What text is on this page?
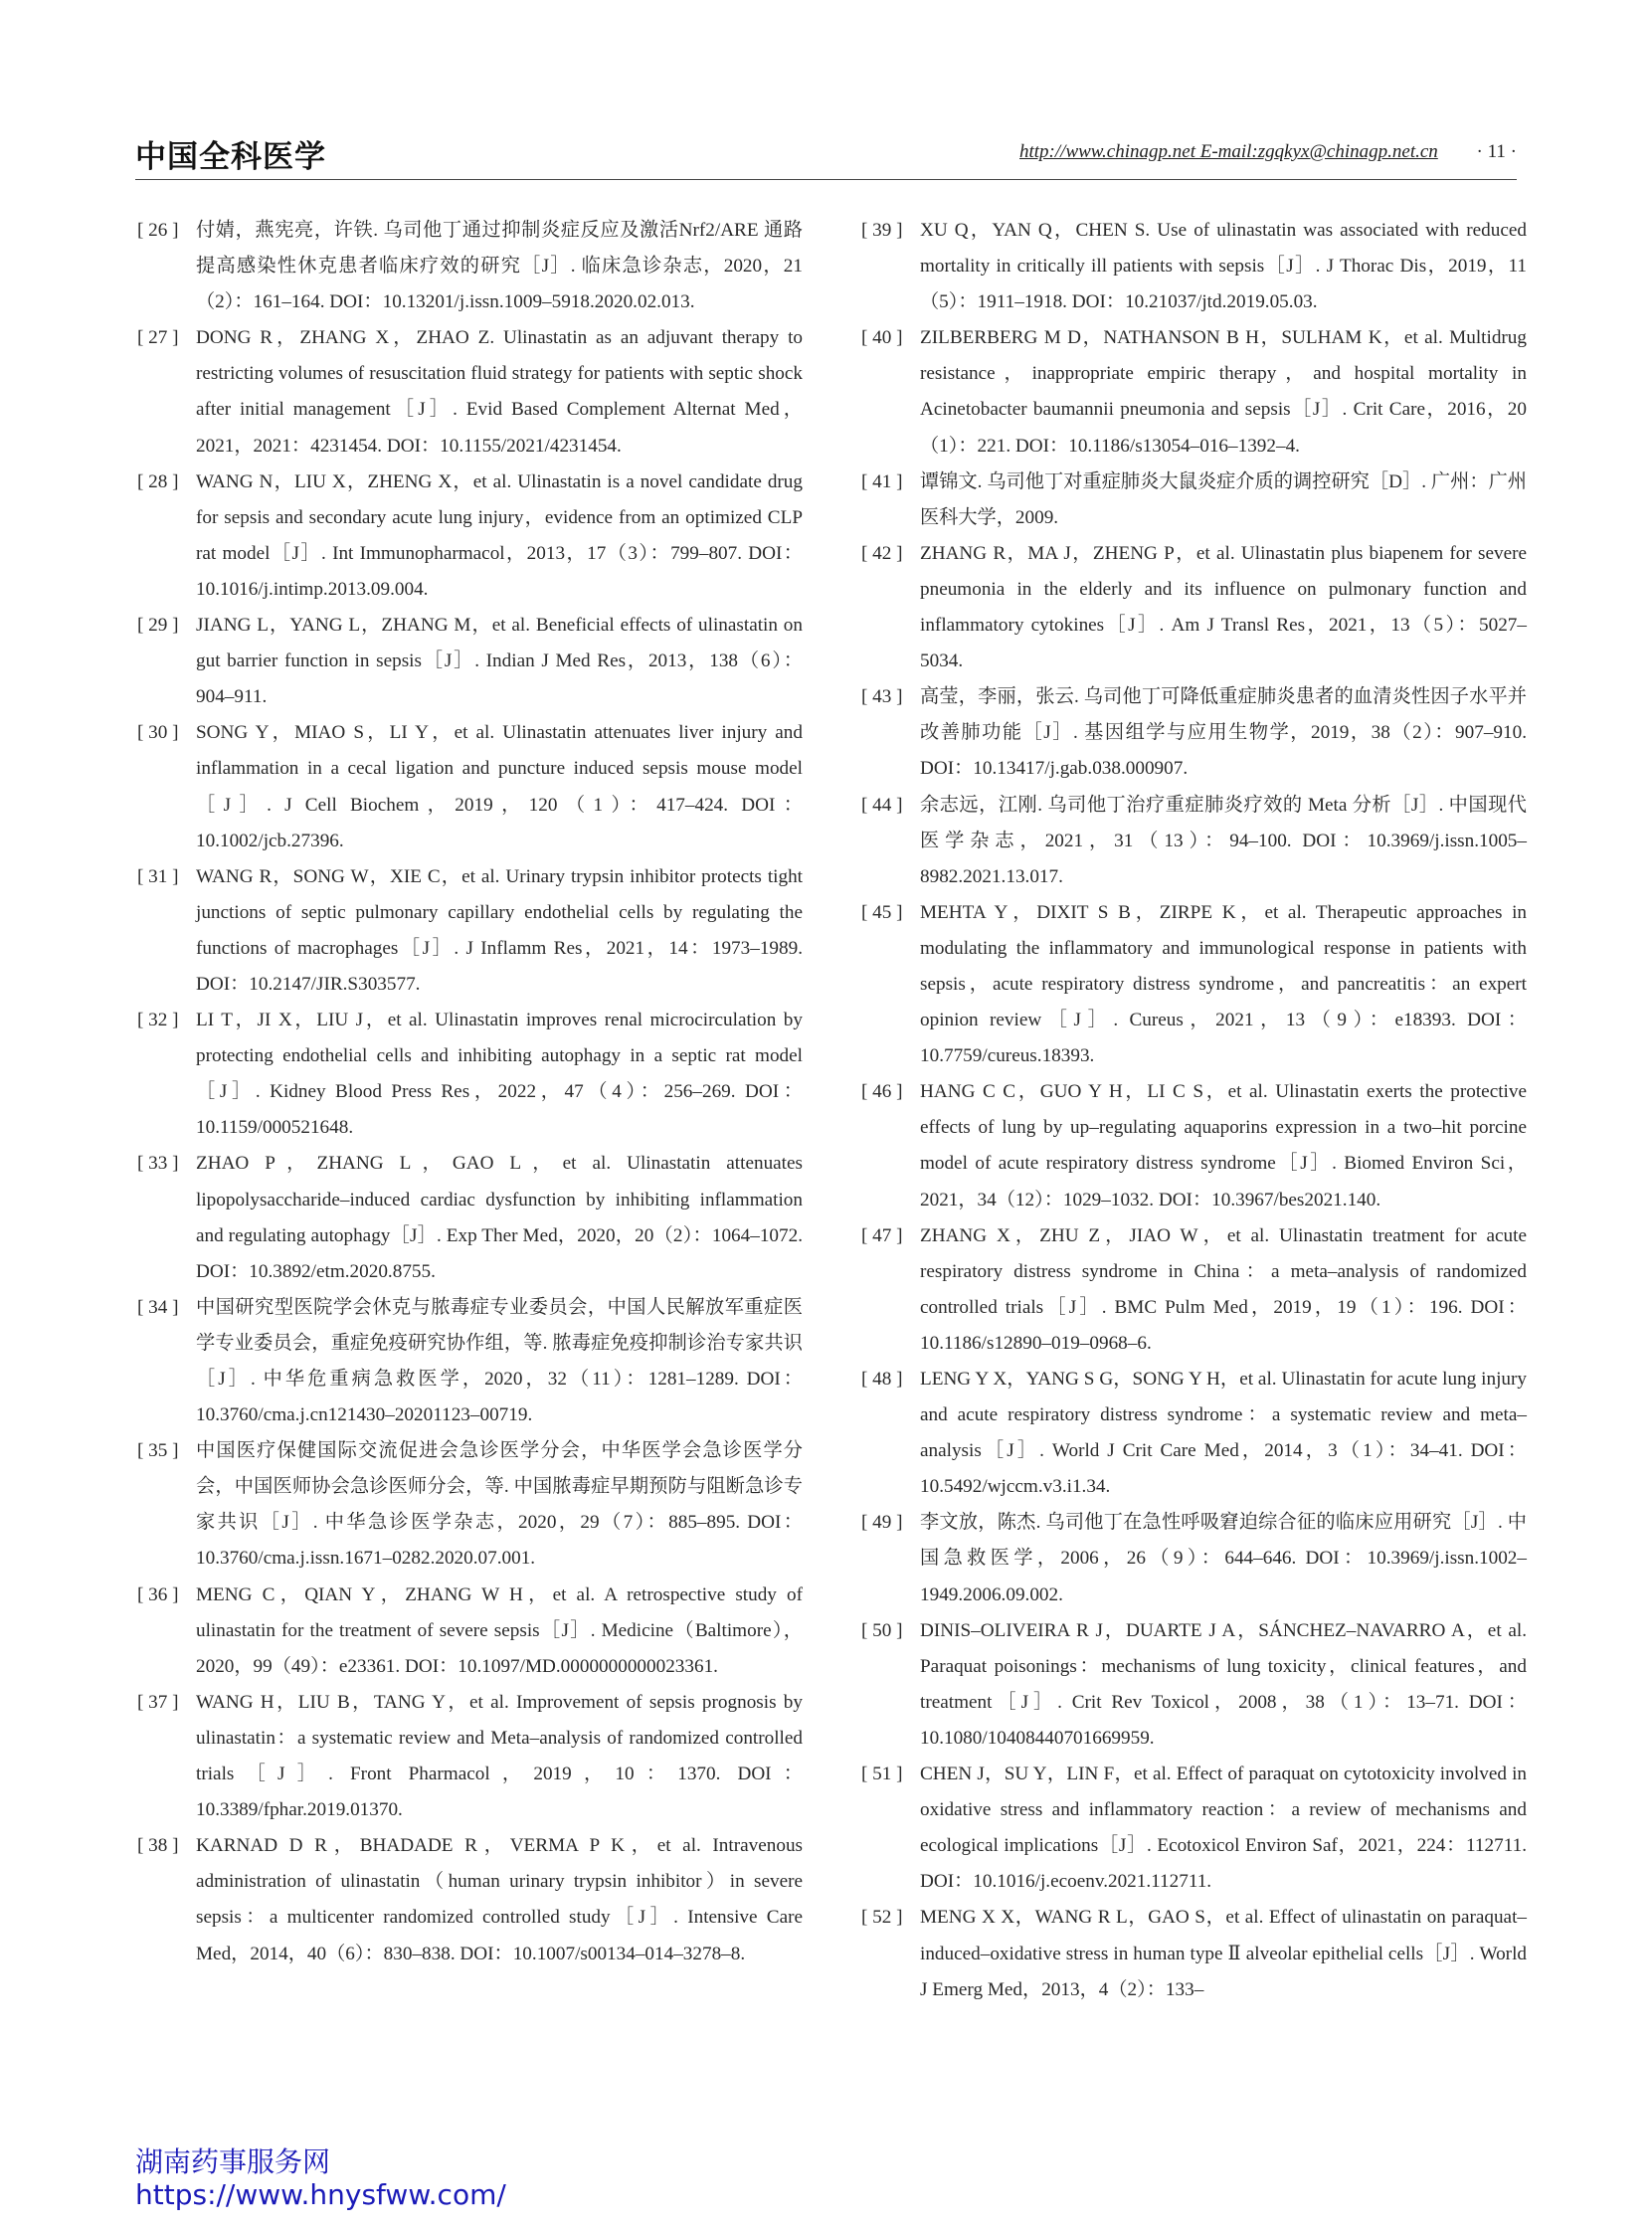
中国全科医学	http://www.chinagp.net E-mail:zgqkyx@chinagp.net.cn · 11 ·

[ 26 ] 付婧，燕宪亮，许铁. 乌司他丁通过抑制炎症反应及激活Nrf2/ARE 通路提高感染性休克患者临床疗效的研究［J］. 临床急诊杂志，2020，21（2）：161–164. DOI：10.13201/j.issn.1009–5918.2020.02.013.

[ 27 ] DONG R，ZHANG X，ZHAO Z. Ulinastatin as an adjuvant therapy to restricting volumes of resuscitation fluid strategy for patients with septic shock after initial management［J］. Evid Based Complement Alternat Med，2021，2021：4231454. DOI：10.1155/2021/4231454.

[ 28 ] WANG N，LIU X，ZHENG X，et al. Ulinastatin is a novel candidate drug for sepsis and secondary acute lung injury，evidence from an optimized CLP rat model［J］. Int Immunopharmacol，2013，17（3）：799–807. DOI：10.1016/j.intimp.2013.09.004.

[ 29 ] JIANG L，YANG L，ZHANG M，et al. Beneficial effects of ulinastatin on gut barrier function in sepsis［J］. Indian J Med Res，2013，138（6）：904–911.

[ 30 ] SONG Y，MIAO S，LI Y，et al. Ulinastatin attenuates liver injury and inflammation in a cecal ligation and puncture induced sepsis mouse model［J］. J Cell Biochem，2019，120（1）：417–424. DOI：10.1002/jcb.27396.

[ 31 ] WANG R，SONG W，XIE C，et al. Urinary trypsin inhibitor protects tight junctions of septic pulmonary capillary endothelial cells by regulating the functions of macrophages［J］. J Inflamm Res，2021，14：1973–1989. DOI：10.2147/JIR.S303577.

[ 32 ] LI T，JI X，LIU J，et al. Ulinastatin improves renal microcirculation by protecting endothelial cells and inhibiting autophagy in a septic rat model［J］. Kidney Blood Press Res，2022，47（4）：256–269. DOI：10.1159/000521648.

[ 33 ] ZHAO P，ZHANG L，GAO L，et al. Ulinastatin attenuates lipopolysaccharide–induced cardiac dysfunction by inhibiting inflammation and regulating autophagy［J］. Exp Ther Med，2020，20（2）：1064–1072. DOI：10.3892/etm.2020.8755.

[ 34 ] 中国研究型医院学会休克与脓毒症专业委员会，中国人民解放军重症医学专业委员会，重症免疫研究协作组，等. 脓毒症免疫抑制诊治专家共识［J］. 中华危重病急救医学，2020，32（11）：1281–1289. DOI：10.3760/cma.j.cn121430–20201123–00719.

[ 35 ] 中国医疗保健国际交流促进会急诊医学分会，中华医学会急诊医学分会，中国医师协会急诊医师分会，等. 中国脓毒症早期预防与阻断急诊专家共识［J］. 中华急诊医学杂志，2020，29（7）：885–895. DOI：10.3760/cma.j.issn.1671–0282.2020.07.001.

[ 36 ] MENG C，QIAN Y，ZHANG W H，et al. A retrospective study of ulinastatin for the treatment of severe sepsis［J］. Medicine（Baltimore），2020，99（49）：e23361. DOI：10.1097/MD.0000000000023361.

[ 37 ] WANG H，LIU B，TANG Y，et al. Improvement of sepsis prognosis by ulinastatin：a systematic review and Meta–analysis of randomized controlled trials［J］. Front Pharmacol，2019，10：1370. DOI：10.3389/fphar.2019.01370.

[ 38 ] KARNAD D R，BHADADE R，VERMA P K，et al. Intravenous administration of ulinastatin（human urinary trypsin inhibitor）in severe sepsis：a multicenter randomized controlled study［J］. Intensive Care Med，2014，40（6）：830–838. DOI：10.1007/s00134–014–3278–8.

[ 39 ] XU Q，YAN Q，CHEN S. Use of ulinastatin was associated with reduced mortality in critically ill patients with sepsis［J］. J Thorac Dis，2019，11（5）：1911–1918. DOI：10.21037/jtd.2019.05.03.

[ 40 ] ZILBERBERG M D，NATHANSON B H，SULHAM K，et al. Multidrug resistance，inappropriate empiric therapy，and hospital mortality in Acinetobacter baumannii pneumonia and sepsis［J］. Crit Care，2016，20（1）：221. DOI：10.1186/s13054–016–1392–4.

[ 41 ] 谭锦文. 乌司他丁对重症肺炎大鼠炎症介质的调控研究［D］. 广州：广州医科大学，2009.

[ 42 ] ZHANG R，MA J，ZHENG P，et al. Ulinastatin plus biapenem for severe pneumonia in the elderly and its influence on pulmonary function and inflammatory cytokines［J］. Am J Transl Res，2021，13（5）：5027–5034.

[ 43 ] 高莹，李丽，张云. 乌司他丁可降低重症肺炎患者的血清炎性因子水平并改善肺功能［J］. 基因组学与应用生物学，2019，38（2）：907–910. DOI：10.13417/j.gab.038.000907.

[ 44 ] 余志远，江刚. 乌司他丁治疗重症肺炎疗效的 Meta 分析［J］. 中国现代医学杂志，2021，31（13）：94–100. DOI：10.3969/j.issn.1005–8982.2021.13.017.

[ 45 ] MEHTA Y，DIXIT S B，ZIRPE K，et al. Therapeutic approaches in modulating the inflammatory and immunological response in patients with sepsis，acute respiratory distress syndrome，and pancreatitis：an expert opinion review［J］. Cureus，2021，13（9）：e18393. DOI：10.7759/cureus.18393.

[ 46 ] HANG C C，GUO Y H，LI C S，et al. Ulinastatin exerts the protective effects of lung by up–regulating aquaporins expression in a two–hit porcine model of acute respiratory distress syndrome［J］. Biomed Environ Sci，2021，34（12）：1029–1032. DOI：10.3967/bes2021.140.

[ 47 ] ZHANG X，ZHU Z，JIAO W，et al. Ulinastatin treatment for acute respiratory distress syndrome in China：a meta–analysis of randomized controlled trials［J］. BMC Pulm Med，2019，19（1）：196. DOI：10.1186/s12890–019–0968–6.

[ 48 ] LENG Y X，YANG S G，SONG Y H，et al. Ulinastatin for acute lung injury and acute respiratory distress syndrome：a systematic review and meta–analysis［J］. World J Crit Care Med，2014，3（1）：34–41. DOI：10.5492/wjccm.v3.i1.34.

[ 49 ] 李文放，陈杰. 乌司他丁在急性呼吸窘迫综合征的临床应用研究［J］. 中国急救医学，2006，26（9）：644–646. DOI：10.3969/j.issn.1002–1949.2006.09.002.

[ 50 ] DINIS–OLIVEIRA R J，DUARTE J A，SÁNCHEZ–NAVARRO A，et al. Paraquat poisonings：mechanisms of lung toxicity，clinical features，and treatment［J］. Crit Rev Toxicol，2008，38（1）：13–71. DOI：10.1080/10408440701669959.

[ 51 ] CHEN J，SU Y，LIN F，et al. Effect of paraquat on cytotoxicity involved in oxidative stress and inflammatory reaction：a review of mechanisms and ecological implications［J］. Ecotoxicol Environ Saf，2021，224：112711. DOI：10.1016/j.ecoenv.2021.112711.

[ 52 ] MENG X X，WANG R L，GAO S，et al. Effect of ulinastatin on paraquat–induced–oxidative stress in human type Ⅱ alveolar epithelial cells［J］. World J Emerg Med，2013，4（2）：133–

湖南药事服务网
https://www.hnysfww.com/
